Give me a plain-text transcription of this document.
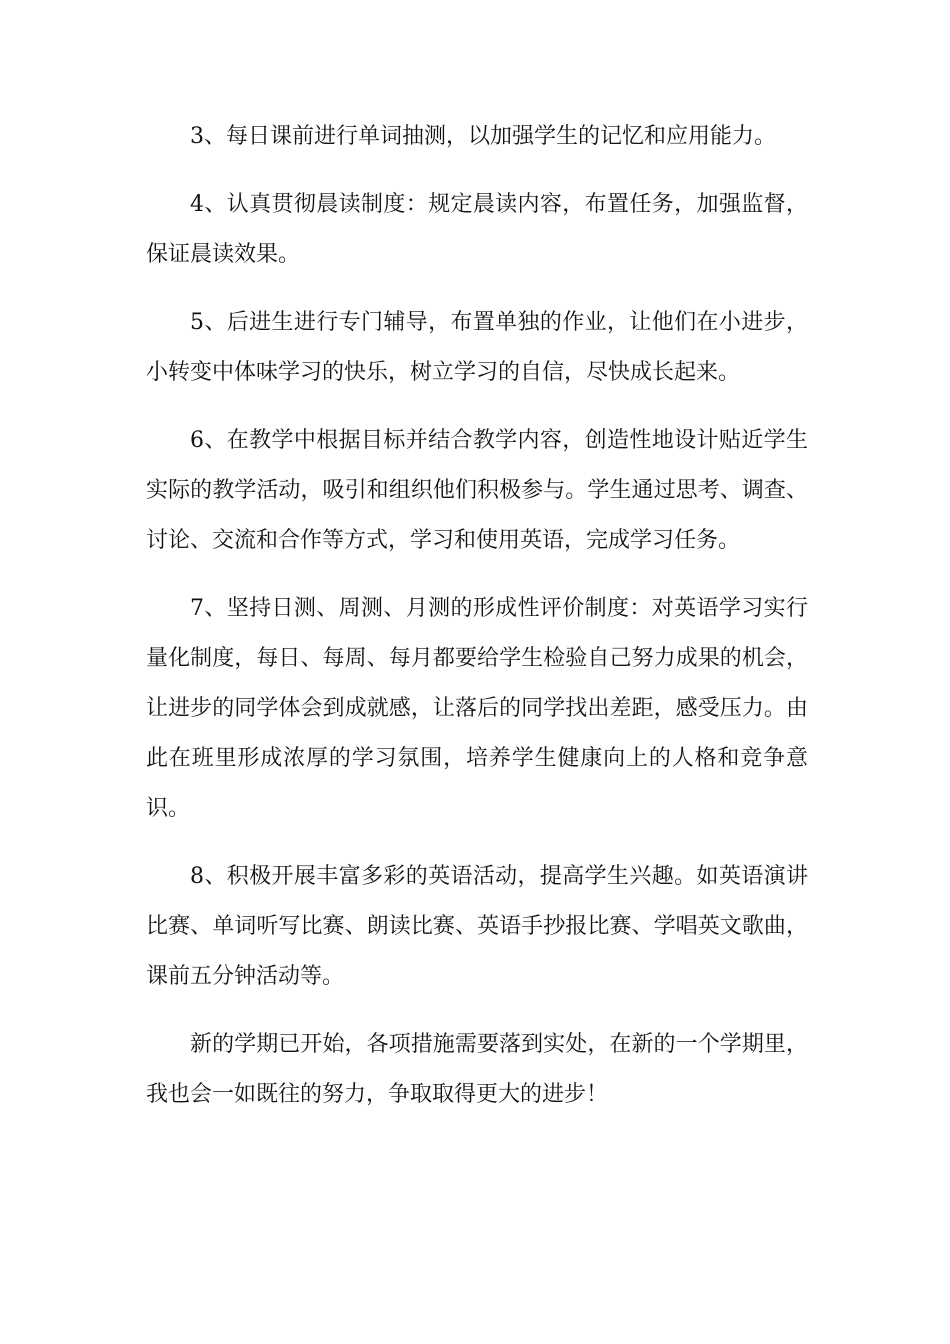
3、每日课前进行单词抽测，以加强学生的记忆和应用能力。

4、认真贯彻晨读制度：规定晨读内容，布置任务，加强监督，保证晨读效果。

5、后进生进行专门辅导，布置单独的作业，让他们在小进步，小转变中体味学习的快乐，树立学习的自信，尽快成长起来。

6、在教学中根据目标并结合教学内容，创造性地设计贴近学生实际的教学活动，吸引和组织他们积极参与。学生通过思考、调查、讨论、交流和合作等方式，学习和使用英语，完成学习任务。

7、坚持日测、周测、月测的形成性评价制度：对英语学习实行量化制度，每日、每周、每月都要给学生检验自己努力成果的机会，让进步的同学体会到成就感，让落后的同学找出差距，感受压力。由此在班里形成浓厚的学习氛围，培养学生健康向上的人格和竞争意识。

8、积极开展丰富多彩的英语活动，提高学生兴趣。如英语演讲比赛、单词听写比赛、朗读比赛、英语手抄报比赛、学唱英文歌曲，课前五分钟活动等。

新的学期已开始，各项措施需要落到实处，在新的一个学期里，我也会一如既往的努力，争取取得更大的进步！
